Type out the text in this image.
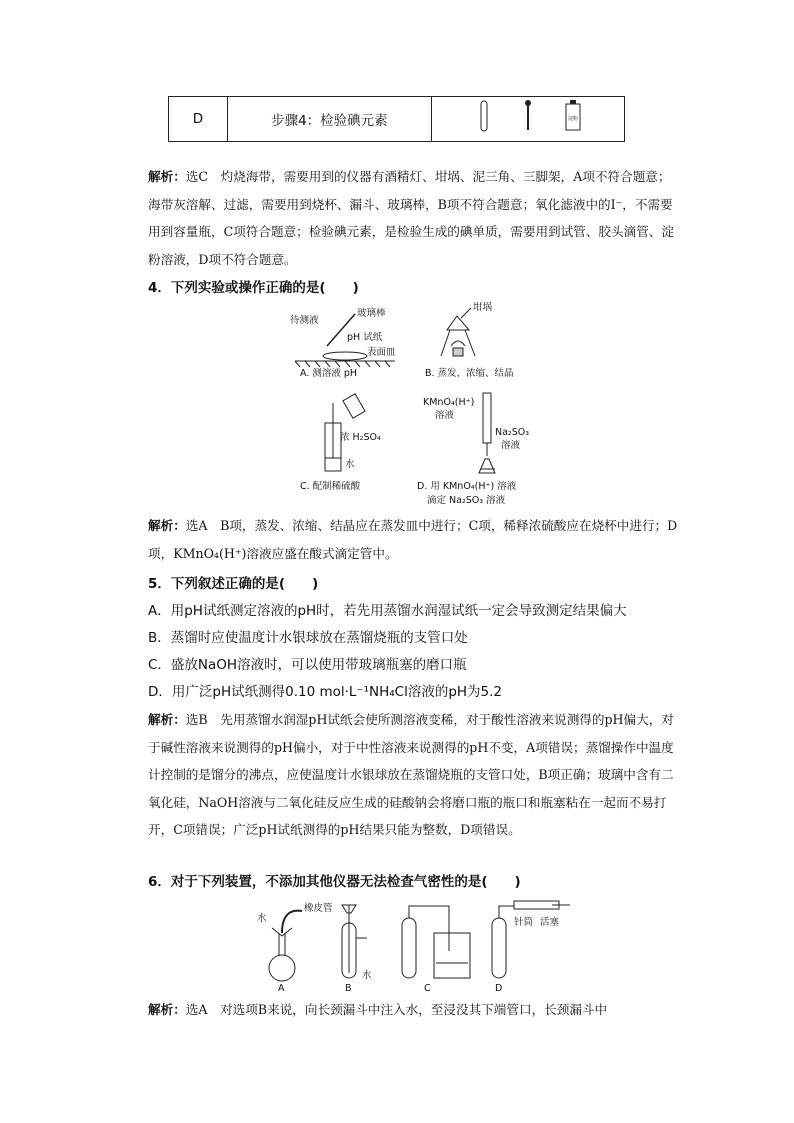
D	步骤4：检验碘元素	淀粉
解析：选C　灼烧海带，需要用到的仪器有酒精灯、坩埚、泥三角、三脚架，A项不符合题意；海带灰溶解、过滤，需要用到烧杯、漏斗、玻璃棒，B项不符合题意；氧化滤液中的I⁻，不需要用到容量瓶，C项符合题意；检验碘元素，是检验生成的碘单质，需要用到试管、胶头滴管、淀粉溶液，D项不符合题意。
4．下列实验或操作正确的是(　　)
待测液
玻璃棒
pH 试纸
表面皿
A. 测溶液 pH
坩埚
B. 蒸发、浓缩、结晶
浓 H₂SO₄
水
C. 配制稀硫酸
KMnO₄(H⁺)
溶液
Na₂SO₃
溶液
D. 用 KMnO₄(H⁺) 溶液
滴定 Na₂SO₃ 溶液
解析：选A　B项，蒸发、浓缩、结晶应在蒸发皿中进行；C项，稀释浓硫酸应在烧杯中进行；D项，KMnO₄(H⁺)溶液应盛在酸式滴定管中。
5．下列叙述正确的是(　　)
A．用pH试纸测定溶液的pH时，若先用蒸馏水润湿试纸一定会导致测定结果偏大
B．蒸馏时应使温度计水银球放在蒸馏烧瓶的支管口处
C．盛放NaOH溶液时，可以使用带玻璃瓶塞的磨口瓶
D．用广泛pH试纸测得0.10 mol·L⁻¹NH₄Cl溶液的pH为5.2
解析：选B　先用蒸馏水润湿pH试纸会使所测溶液变稀，对于酸性溶液来说测得的pH偏大，对于碱性溶液来说测得的pH偏小，对于中性溶液来说测得的pH不变，A项错误；蒸馏操作中温度计控制的是馏分的沸点，应使温度计水银球放在蒸馏烧瓶的支管口处，B项正确；玻璃中含有二氧化硅，NaOH溶液与二氧化硅反应生成的硅酸钠会将磨口瓶的瓶口和瓶塞粘在一起而不易打开，C项错误；广泛pH试纸测得的pH结果只能为整数，D项错误。
6．对于下列装置，不添加其他仪器无法检查气密性的是(　　)
水
橡皮管
A
水
B	C
针筒 活塞
D
解析：选A　对选项B来说，向长颈漏斗中注入水，至浸没其下端管口，长颈漏斗中
